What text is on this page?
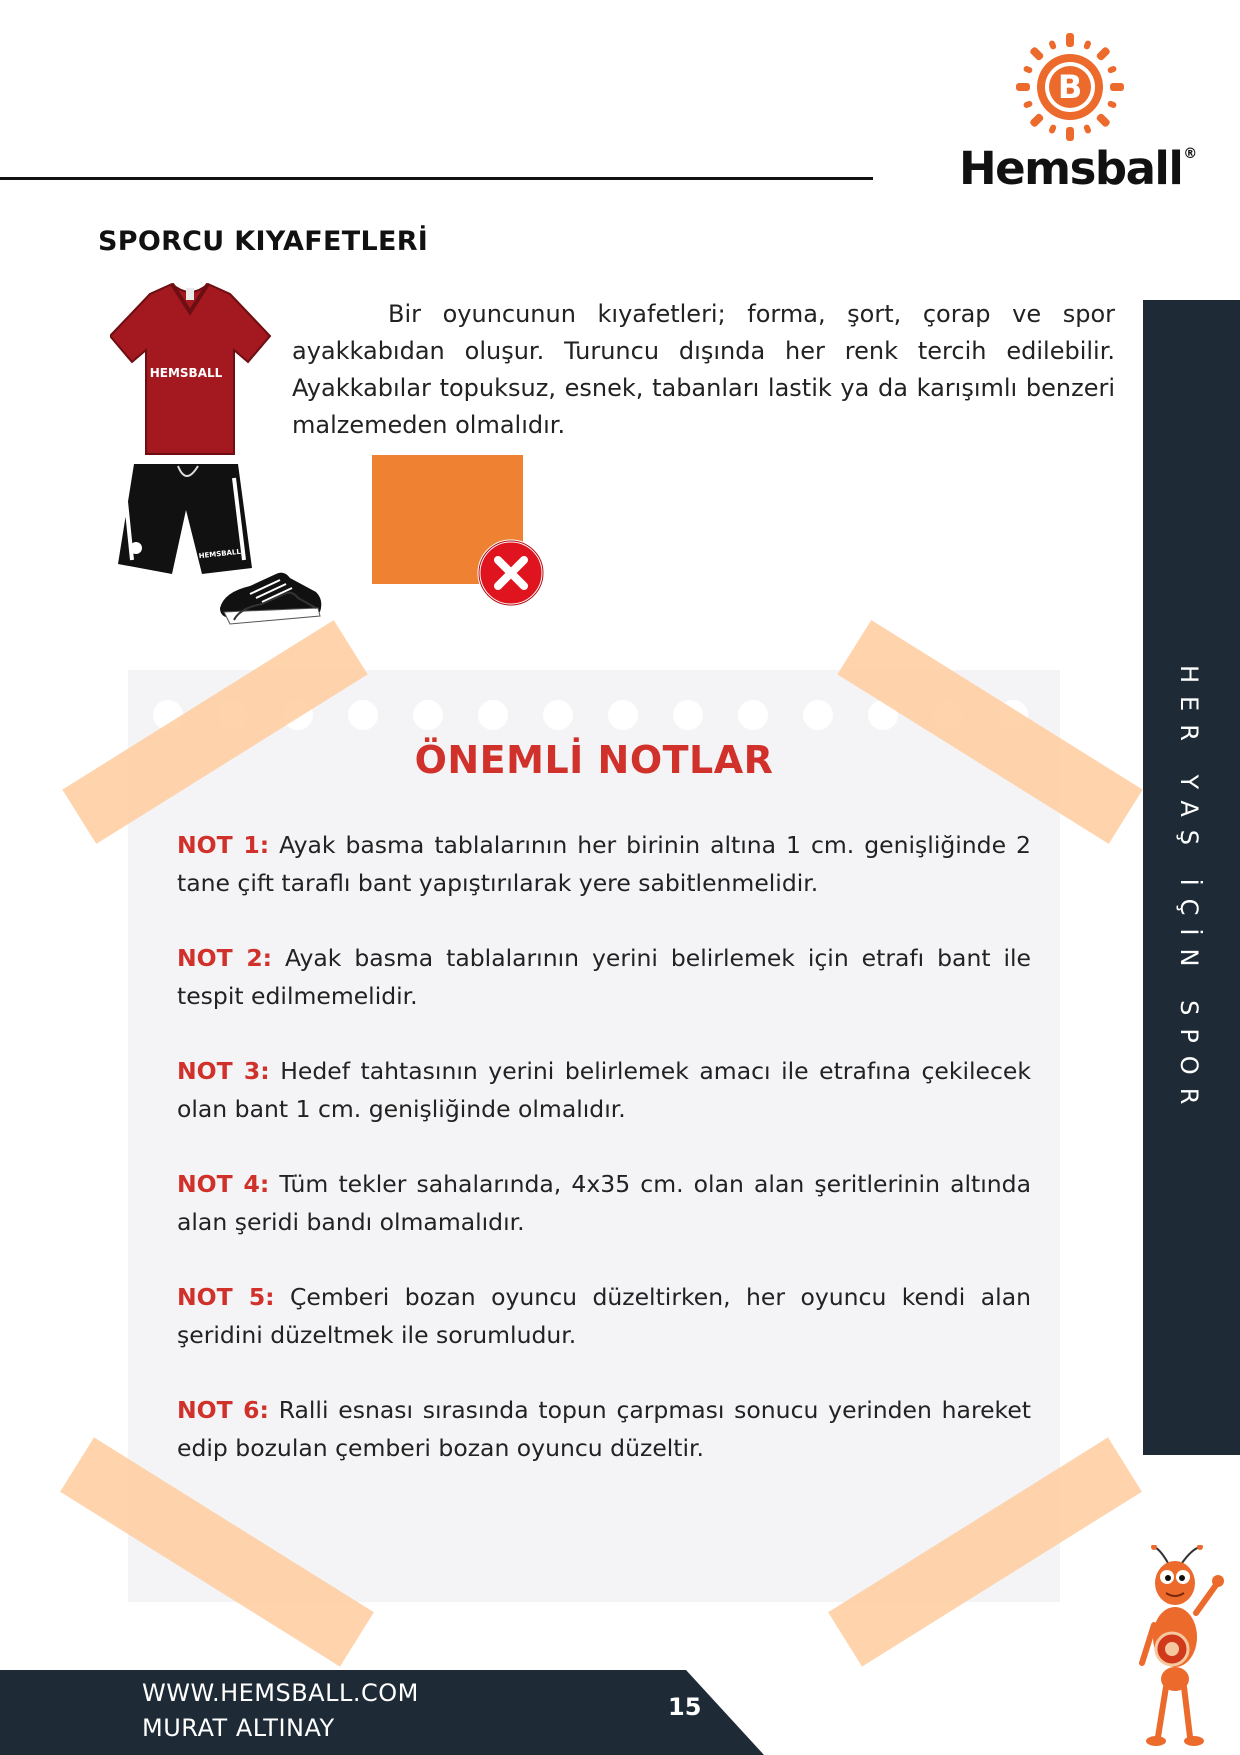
B
Hemsball®
HER YAŞ İÇİN SPOR
SPORCU KIYAFETLERİ
HEMSBALL
HEMSBALL
Bir oyuncunun kıyafetleri; forma, şort, çorap ve spor ayakkabıdan oluşur. Turuncu dışında her renk tercih edilebilir. Ayakkabılar topuksuz, esnek, tabanları lastik ya da karışımlı benzeri malzemeden olmalıdır.
ÖNEMLİ NOTLAR
NOT 1: Ayak basma tablalarının her birinin altına 1 cm. genişliğinde 2 tane çift taraflı bant yapıştırılarak yere sabitlenmelidir.
NOT 2: Ayak basma tablalarının yerini belirlemek için etrafı bant ile tespit edilmemelidir.
NOT 3: Hedef tahtasının yerini belirlemek amacı ile etrafına çekilecek olan bant 1 cm. genişliğinde olmalıdır.
NOT 4: Tüm tekler sahalarında, 4x35 cm. olan alan şeritlerinin altında alan şeridi bandı olmamalıdır.
NOT 5: Çemberi bozan oyuncu düzeltirken, her oyuncu kendi alan şeridini düzeltmek ile sorumludur.
NOT 6: Ralli esnası sırasında topun çarpması sonucu yerinden hareket edip bozulan çemberi bozan oyuncu düzeltir.
WWW.HEMSBALL.COM
MURAT ALTINAY
15
